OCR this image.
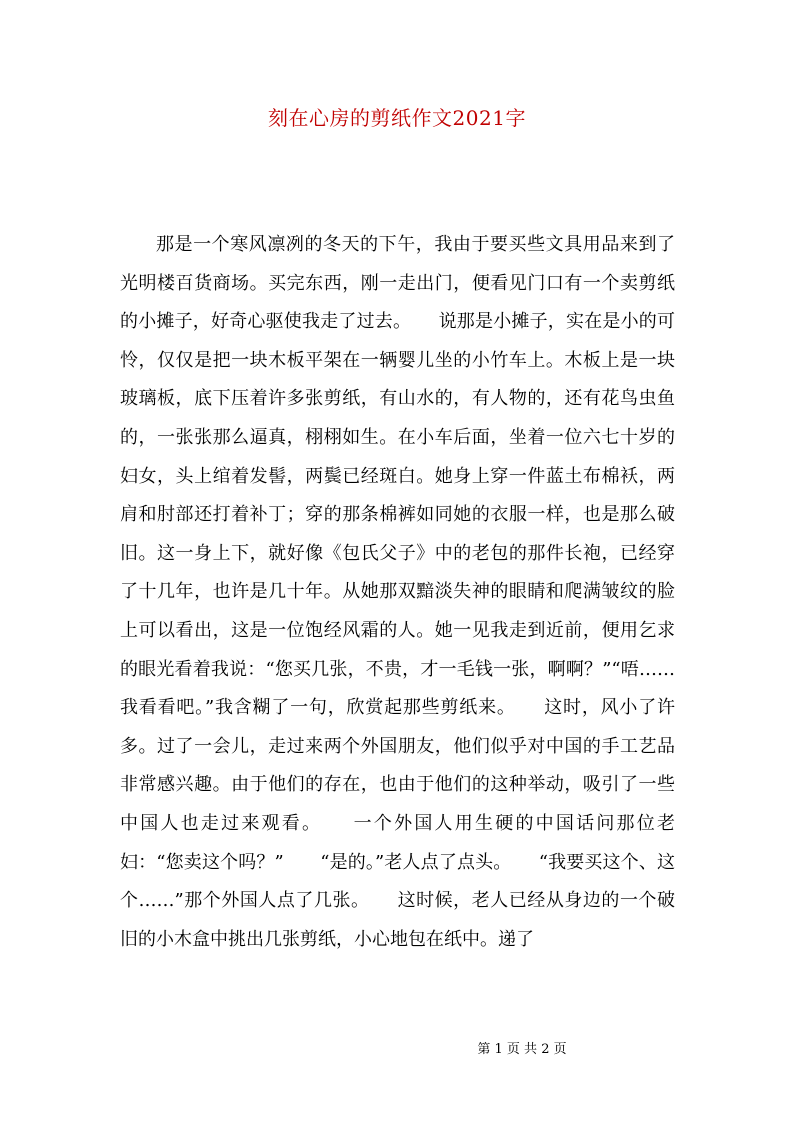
刻在心房的剪纸作文2021字

那是一个寒风凛冽的冬天的下午，我由于要买些文具用品来到了光明楼百货商场。买完东西，刚一走出门，便看见门口有一个卖剪纸的小摊子，好奇心驱使我走了过去。　　说那是小摊子，实在是小的可怜，仅仅是把一块木板平架在一辆婴儿坐的小竹车上。木板上是一块玻璃板，底下压着许多张剪纸，有山水的，有人物的，还有花鸟虫鱼的，一张张那么逼真，栩栩如生。在小车后面，坐着一位六七十岁的妇女，头上绾着发髻，两鬓已经斑白。她身上穿一件蓝土布棉袄，两肩和肘部还打着补丁；穿的那条棉裤如同她的衣服一样，也是那么破旧。这一身上下，就好像《包氏父子》中的老包的那件长袍，已经穿了十几年，也许是几十年。从她那双黯淡失神的眼睛和爬满皱纹的脸上可以看出，这是一位饱经风霜的人。她一见我走到近前，便用乞求的眼光看着我说：“您买几张，不贵，才一毛钱一张，啊啊？”“唔……我看看吧。”我含糊了一句，欣赏起那些剪纸来。　　这时，风小了许多。过了一会儿，走过来两个外国朋友，他们似乎对中国的手工艺品非常感兴趣。由于他们的存在，也由于他们的这种举动，吸引了一些中国人也走过来观看。　　一个外国人用生硬的中国话问那位老妇：“您卖这个吗？”　　“是的。”老人点了点头。　　“我要买这个、这个……”那个外国人点了几张。　　这时候，老人已经从身边的一个破旧的小木盒中挑出几张剪纸，小心地包在纸中。递了

第 1 页 共 2 页
